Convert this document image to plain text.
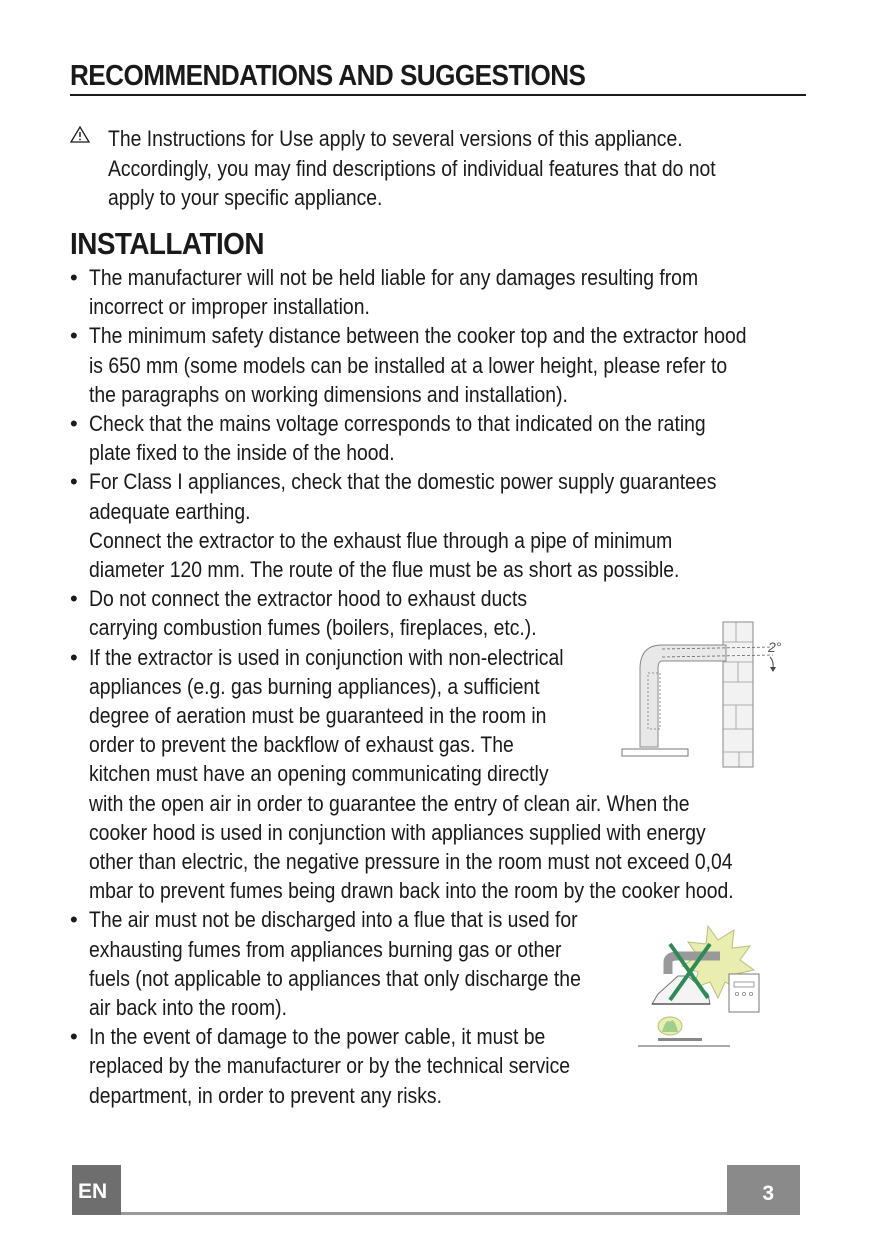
RECOMMENDATIONS AND SUGGESTIONS
The Instructions for Use apply to several versions of this appliance.
Accordingly, you may find descriptions of individual features that do not
apply to your specific appliance.
INSTALLATION
• The manufacturer will not be held liable for any damages resulting from
incorrect or improper installation.
• The minimum safety distance between the cooker top and the extractor hood
is 650 mm (some models can be installed at a lower height, please refer to
the paragraphs on working dimensions and installation).
• Check that the mains voltage corresponds to that indicated on the rating
plate fixed to the inside of the hood.
• For Class I appliances, check that the domestic power supply guarantees
adequate earthing.
Connect the extractor to the exhaust flue through a pipe of minimum
diameter 120 mm. The route of the flue must be as short as possible.
• Do not connect the extractor hood to exhaust ducts
carrying combustion fumes (boilers, fireplaces, etc.).
• If the extractor is used in conjunction with non-electrical
appliances (e.g. gas burning appliances), a sufficient
degree of aeration must be guaranteed in the room in
order to prevent the backflow of exhaust gas. The
kitchen must have an opening communicating directly
with the open air in order to guarantee the entry of clean air. When the
cooker hood is used in conjunction with appliances supplied with energy
other than electric, the negative pressure in the room must not exceed 0,04
mbar to prevent fumes being drawn back into the room by the cooker hood.
• The air must not be discharged into a flue that is used for
exhausting fumes from appliances burning gas or other
fuels (not applicable to appliances that only discharge the
air back into the room).
• In the event of damage to the power cable, it must be
replaced by the manufacturer or by the technical service
department, in order to prevent any risks.
2°
EN	3
